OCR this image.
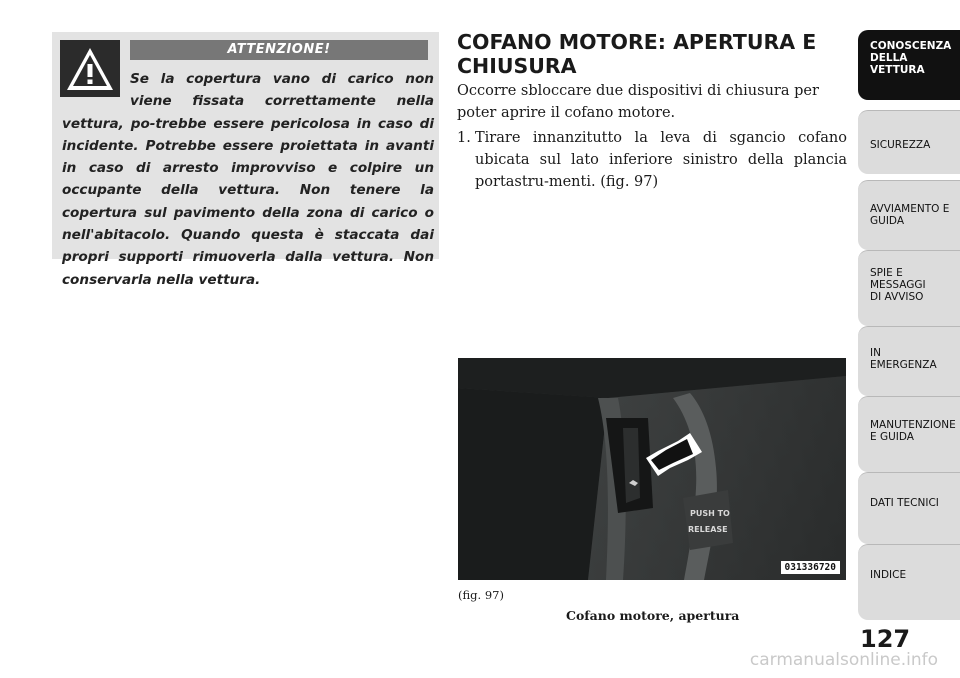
ATTENZIONE!
Se la copertura vano di carico non viene fissata correttamente nella vettura, po-trebbe essere pericolosa in caso di incidente. Potrebbe essere proiettata in avanti in caso di arresto improvviso e colpire un occupante della vettura. Non tenere la copertura sul pavimento della zona di carico o nell'abitacolo. Quando questa è staccata dai propri supporti rimuoverla dalla vettura. Non conservarla nella vettura.
COFANO MOTORE: APERTURA E CHIUSURA

Occorre sbloccare due dispositivi di chiusura per poter aprire il cofano motore.

1. Tirare innanzitutto la leva di sgancio cofano ubicata sul lato inferiore sinistro della plancia portastru-menti. (fig. 97)
PUSH TO
RELEASE
031336720
(fig. 97)
Cofano motore, apertura
CONOSCENZA
DELLA VETTURA
SICUREZZA
AVVIAMENTO E
GUIDA
SPIE E
MESSAGGI
DI AVVISO
IN
EMERGENZA
MANUTENZIONE
E GUIDA
DATI TECNICI
INDICE
127
carmanualsonline.info
